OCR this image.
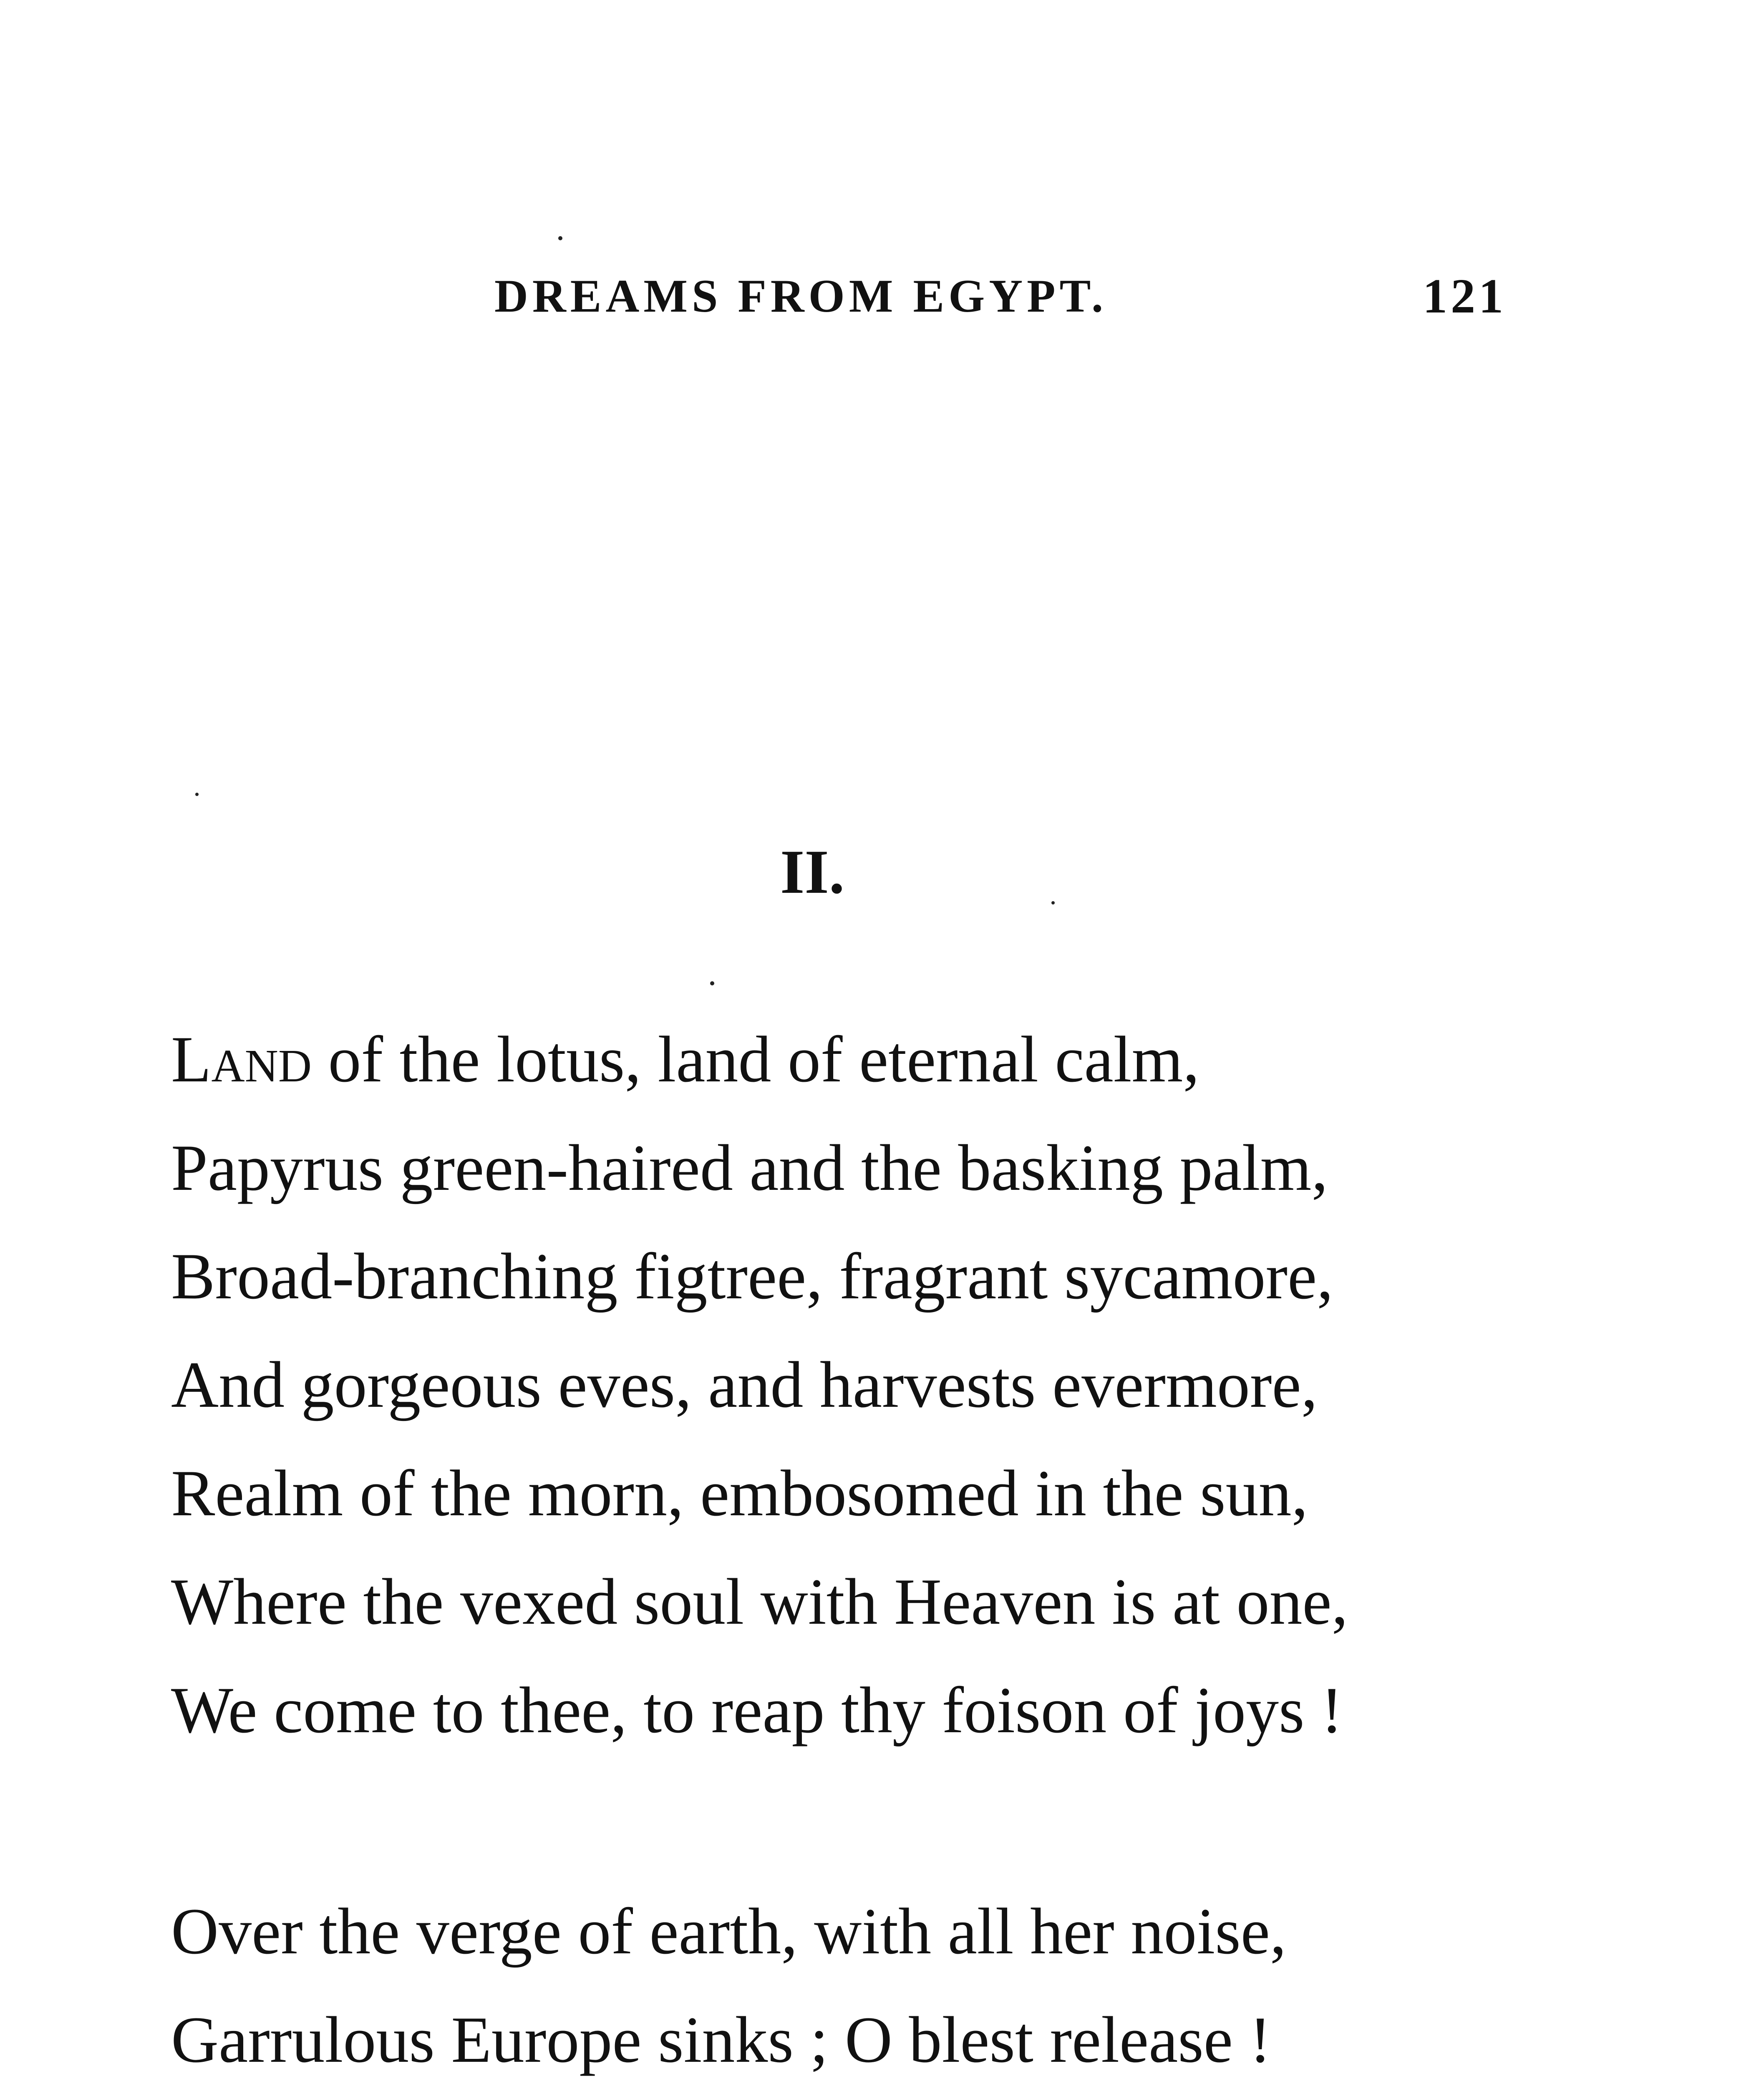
DREAMS FROM EGYPT.	121
II.
Land of the lotus, land of eternal calm,
Papyrus green-haired and the basking palm,
Broad-branching figtree, fragrant sycamore,
And gorgeous eves, and harvests evermore,
Realm of the morn, embosomed in the sun,
Where the vexed soul with Heaven is at one,
We come to thee, to reap thy foison of joys !
Over the verge of earth, with all her noise,
Garrulous Europe sinks ; O blest release !
